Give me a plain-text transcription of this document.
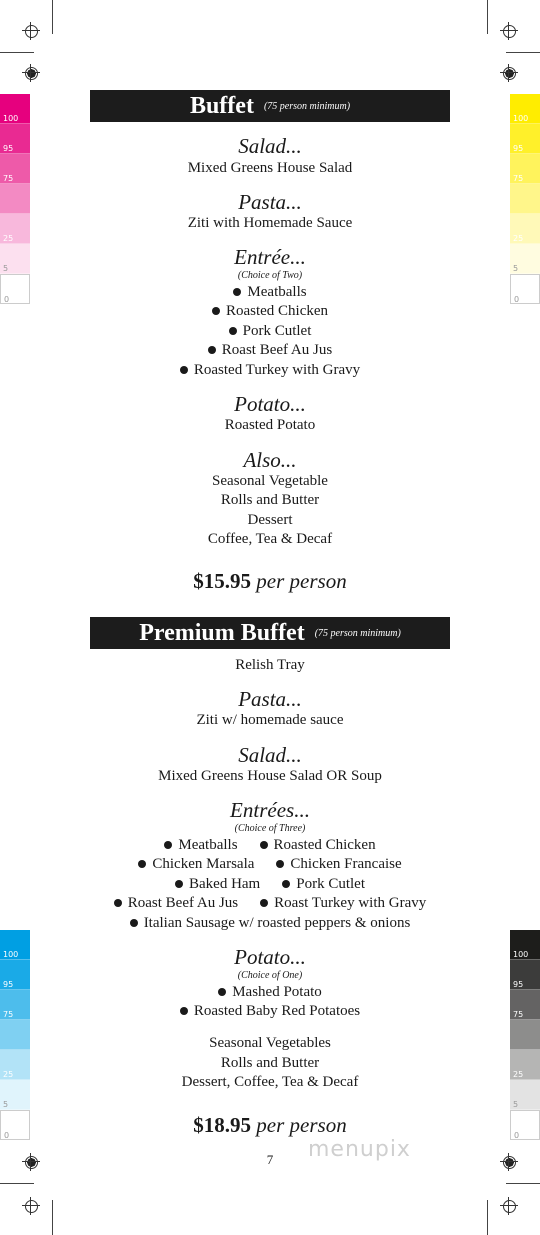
100
95
75
25
5
0
100
95
75
25
5
0
100
95
75
25
5
0
100
95
75
25
5
0
Buffet (75 person minimum)
Salad...
Mixed Greens House Salad
Pasta...
Ziti with Homemade Sauce
Entrée...
(Choice of Two)
Meatballs
Roasted Chicken
Pork Cutlet
Roast Beef Au Jus
Roasted Turkey with Gravy
Potato...
Roasted Potato
Also...
Seasonal Vegetable
Rolls and Butter
Dessert
Coffee, Tea & Decaf
$15.95 per person
Premium Buffet (75 person minimum)
Relish Tray
Pasta...
Ziti w/ homemade sauce
Salad...
Mixed Greens House Salad OR Soup
Entrées...
(Choice of Three)
Meatballs Roasted Chicken
Chicken Marsala Chicken Francaise
Baked Ham Pork Cutlet
Roast Beef Au Jus Roast Turkey with Gravy
Italian Sausage w/ roasted peppers & onions
Potato...
(Choice of One)
Mashed Potato
Roasted Baby Red Potatoes
Seasonal Vegetables
Rolls and Butter
Dessert, Coffee, Tea & Decaf
$18.95 per person
7	menupix
